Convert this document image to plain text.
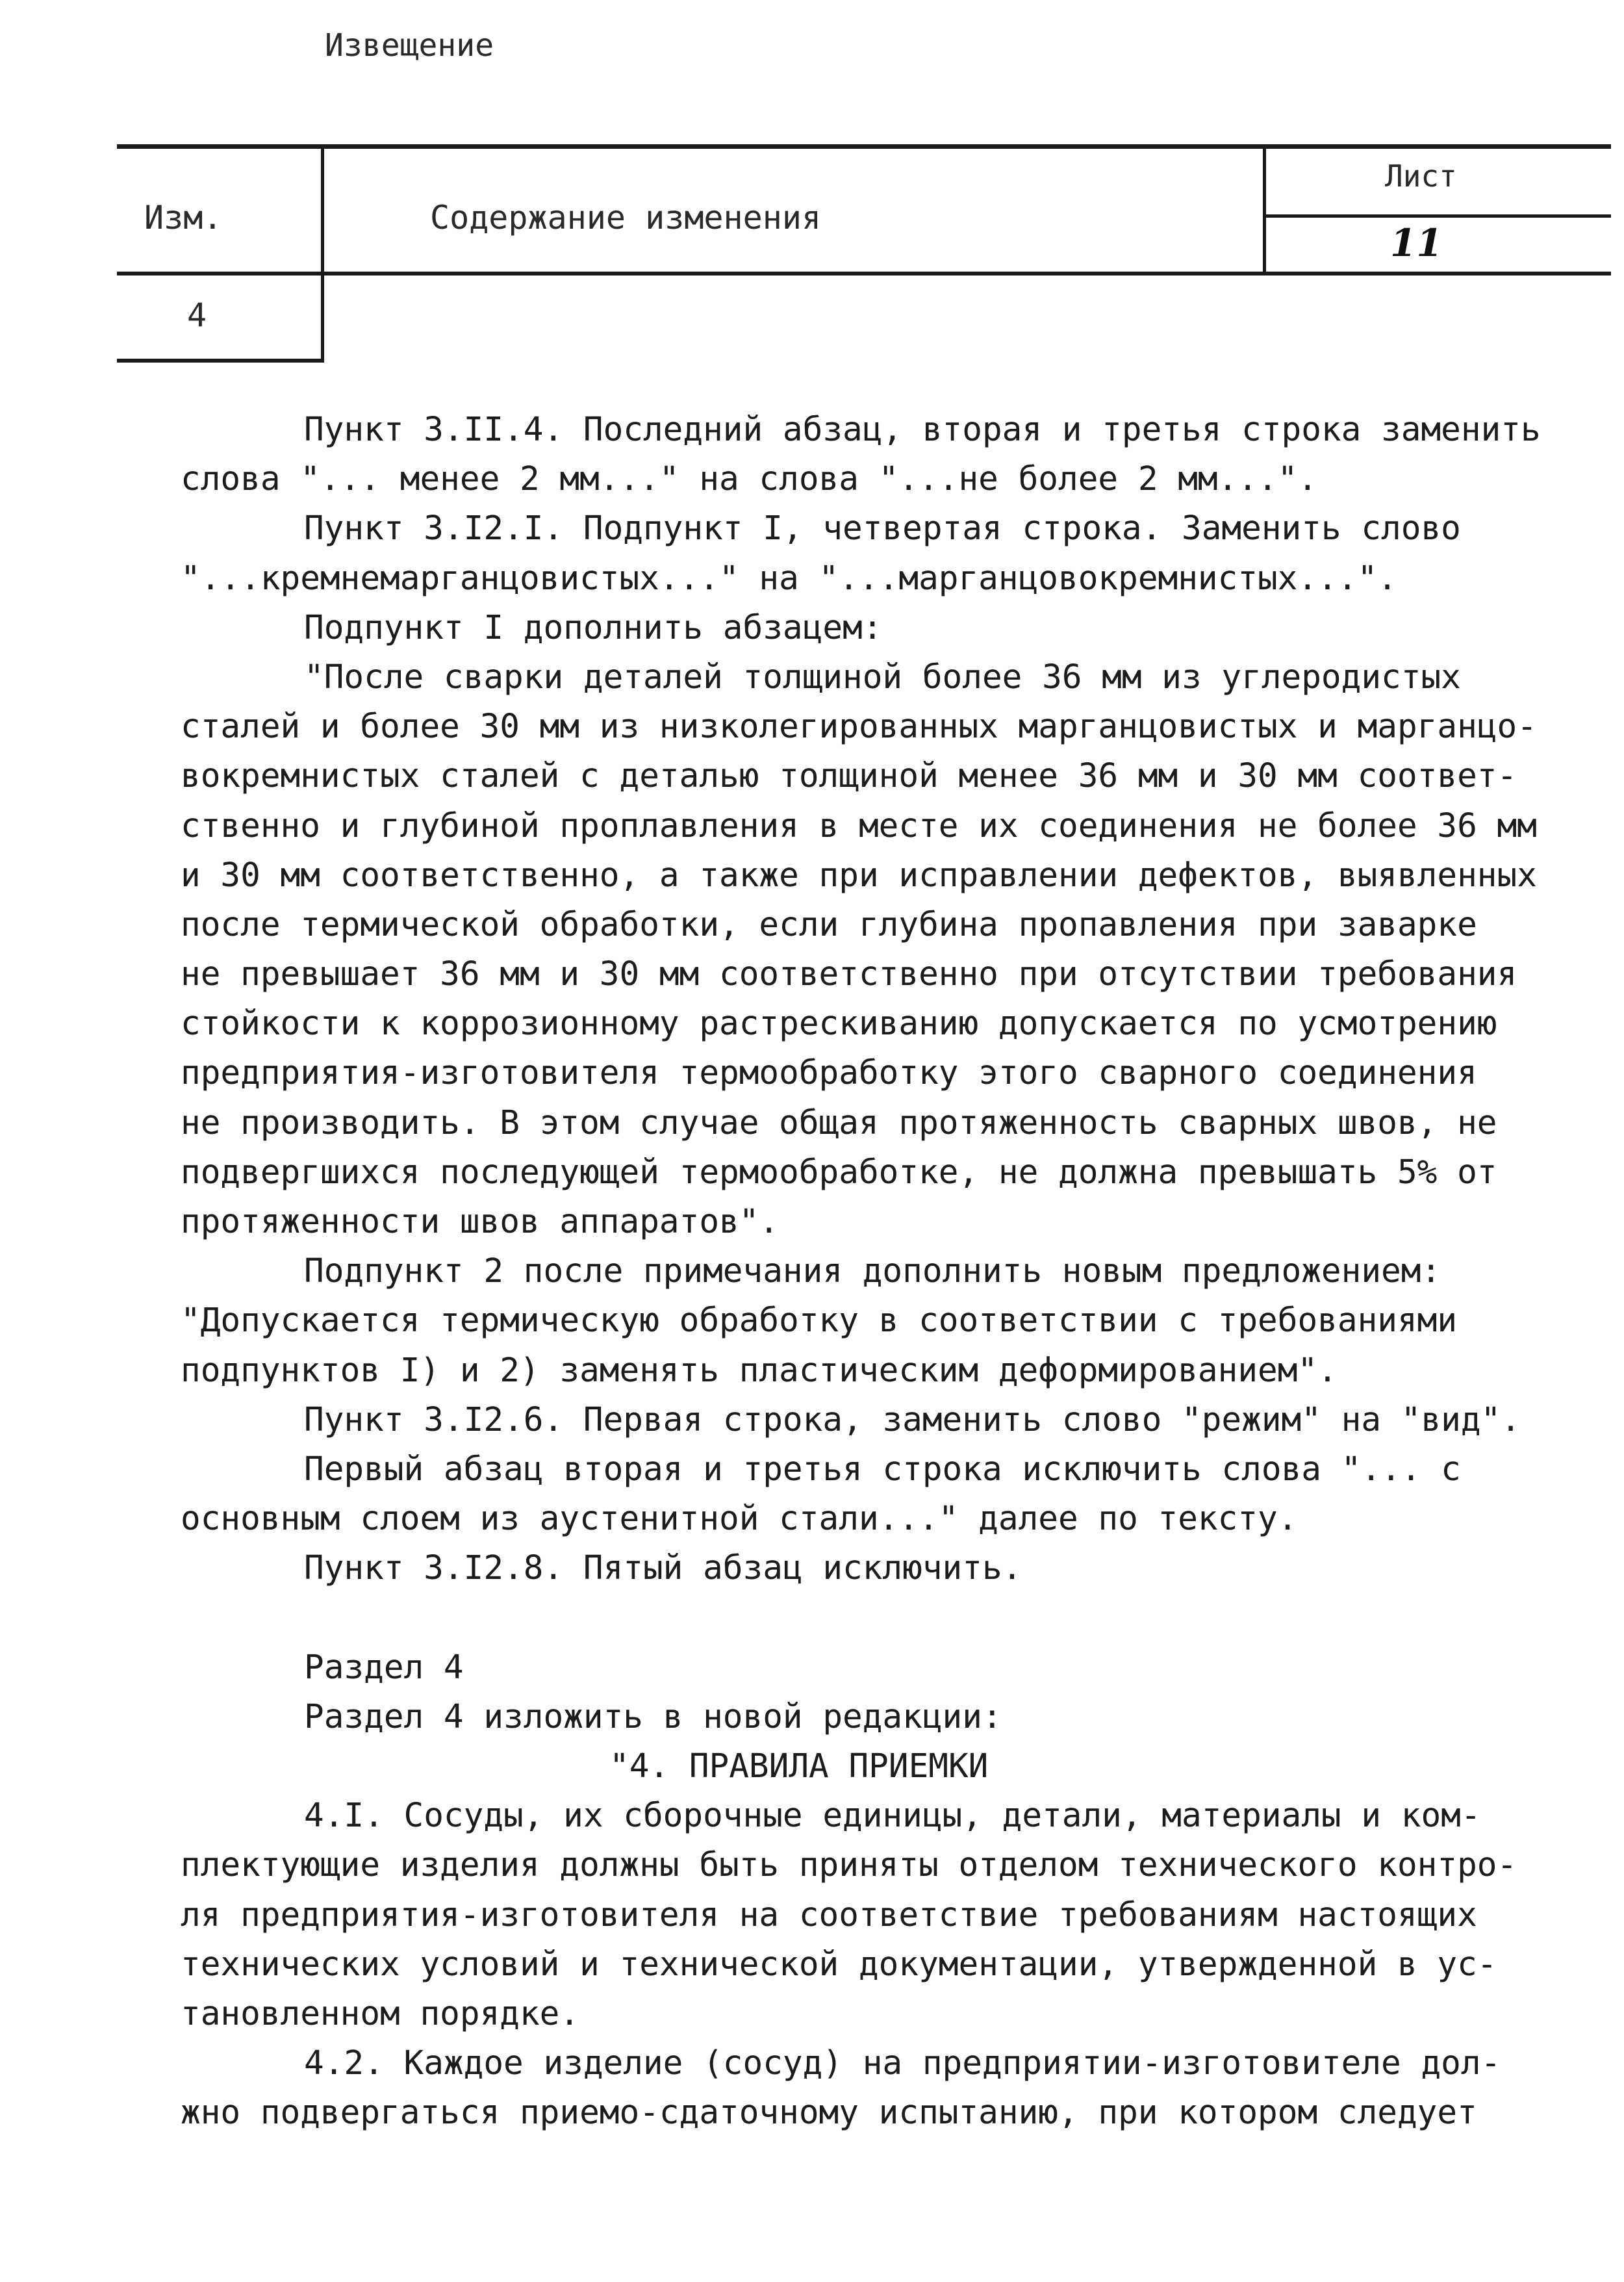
Извещение
Изм.	Содержание изменения
Лист
11
4
Пункт 3.II.4. Последний абзац, вторая и третья строка заменить
слова "... менее 2 мм..." на слова "...не более 2 мм...".
Пункт 3.I2.I. Подпункт I, четвертая строка. Заменить слово
"...кремнемарганцовистых..." на "...марганцовокремнистых...".
Подпункт I дополнить абзацем:
"После сварки деталей толщиной более 36 мм из углеродистых
сталей и более 30 мм из низколегированных марганцовистых и марганцо-
вокремнистых сталей с деталью толщиной менее 36 мм и 30 мм соответ-
ственно и глубиной проплавления в месте их соединения не более 36 мм
и 30 мм соответственно, а также при исправлении дефектов, выявленных
после термической обработки, если глубина пропавления при заварке
не превышает 36 мм и 30 мм соответственно при отсутствии требования
стойкости к коррозионному растрескиванию допускается по усмотрению
предприятия-изготовителя термообработку этого сварного соединения
не производить. В этом случае общая протяженность сварных швов, не
подвергшихся последующей термообработке, не должна превышать 5% от
протяженности швов аппаратов".
Подпункт 2 после примечания дополнить новым предложением:
"Допускается термическую обработку в соответствии с требованиями
подпунктов I) и 2) заменять пластическим деформированием".
Пункт 3.I2.6. Первая строка, заменить слово "режим" на "вид".
Первый абзац вторая и третья строка исключить слова "... с
основным слоем из аустенитной стали..." далее по тексту.
Пункт 3.I2.8. Пятый абзац исключить.
Раздел 4
Раздел 4 изложить в новой редакции:
"4. ПРАВИЛА ПРИЕМКИ
4.I. Сосуды, их сборочные единицы, детали, материалы и ком-
плектующие изделия должны быть приняты отделом технического контро-
ля предприятия-изготовителя на соответствие требованиям настоящих
технических условий и технической документации, утвержденной в ус-
тановленном порядке.
4.2. Каждое изделие (сосуд) на предприятии-изготовителе дол-
жно подвергаться приемо-сдаточному испытанию, при котором следует
